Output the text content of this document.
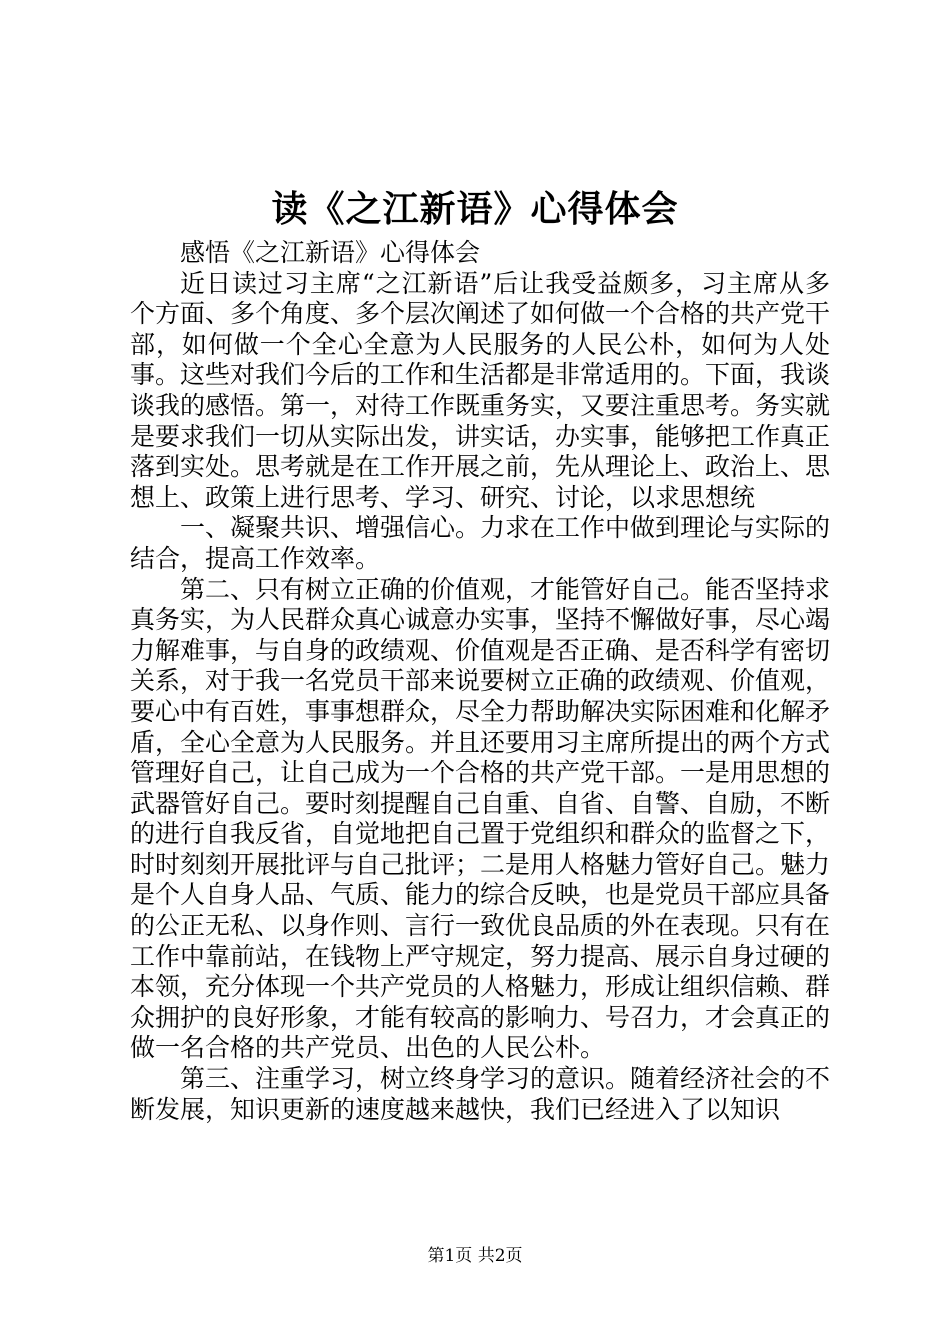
读《之江新语》心得体会

感悟《之江新语》心得体会

近日读过习主席“之江新语”后让我受益颇多，习主席从多个方面、多个角度、多个层次阐述了如何做一个合格的共产党干部，如何做一个全心全意为人民服务的人民公朴，如何为人处事。这些对我们今后的工作和生活都是非常适用的。下面，我谈谈我的感悟。第一，对待工作既重务实，又要注重思考。务实就是要求我们一切从实际出发，讲实话，办实事，能够把工作真正落到实处。思考就是在工作开展之前，先从理论上、政治上、思想上、政策上进行思考、学习、研究、讨论，以求思想统

一、凝聚共识、增强信心。力求在工作中做到理论与实际的结合，提高工作效率。

第二、只有树立正确的价值观，才能管好自己。能否坚持求真务实，为人民群众真心诚意办实事，坚持不懈做好事，尽心竭力解难事，与自身的政绩观、价值观是否正确、是否科学有密切关系，对于我一名党员干部来说要树立正确的政绩观、价值观，要心中有百姓，事事想群众，尽全力帮助解决实际困难和化解矛盾，全心全意为人民服务。并且还要用习主席所提出的两个方式管理好自己，让自己成为一个合格的共产党干部。一是用思想的武器管好自己。要时刻提醒自己自重、自省、自警、自励，不断的进行自我反省，自觉地把自己置于党组织和群众的监督之下，时时刻刻开展批评与自己批评；二是用人格魅力管好自己。魅力是个人自身人品、气质、能力的综合反映，也是党员干部应具备的公正无私、以身作则、言行一致优良品质的外在表现。只有在工作中靠前站，在钱物上严守规定，努力提高、展示自身过硬的本领，充分体现一个共产党员的人格魅力，形成让组织信赖、群众拥护的良好形象，才能有较高的影响力、号召力，才会真正的做一名合格的共产党员、出色的人民公朴。

第三、注重学习，树立终身学习的意识。随着经济社会的不断发展，知识更新的速度越来越快，我们已经进入了以知识

第1页 共2页
